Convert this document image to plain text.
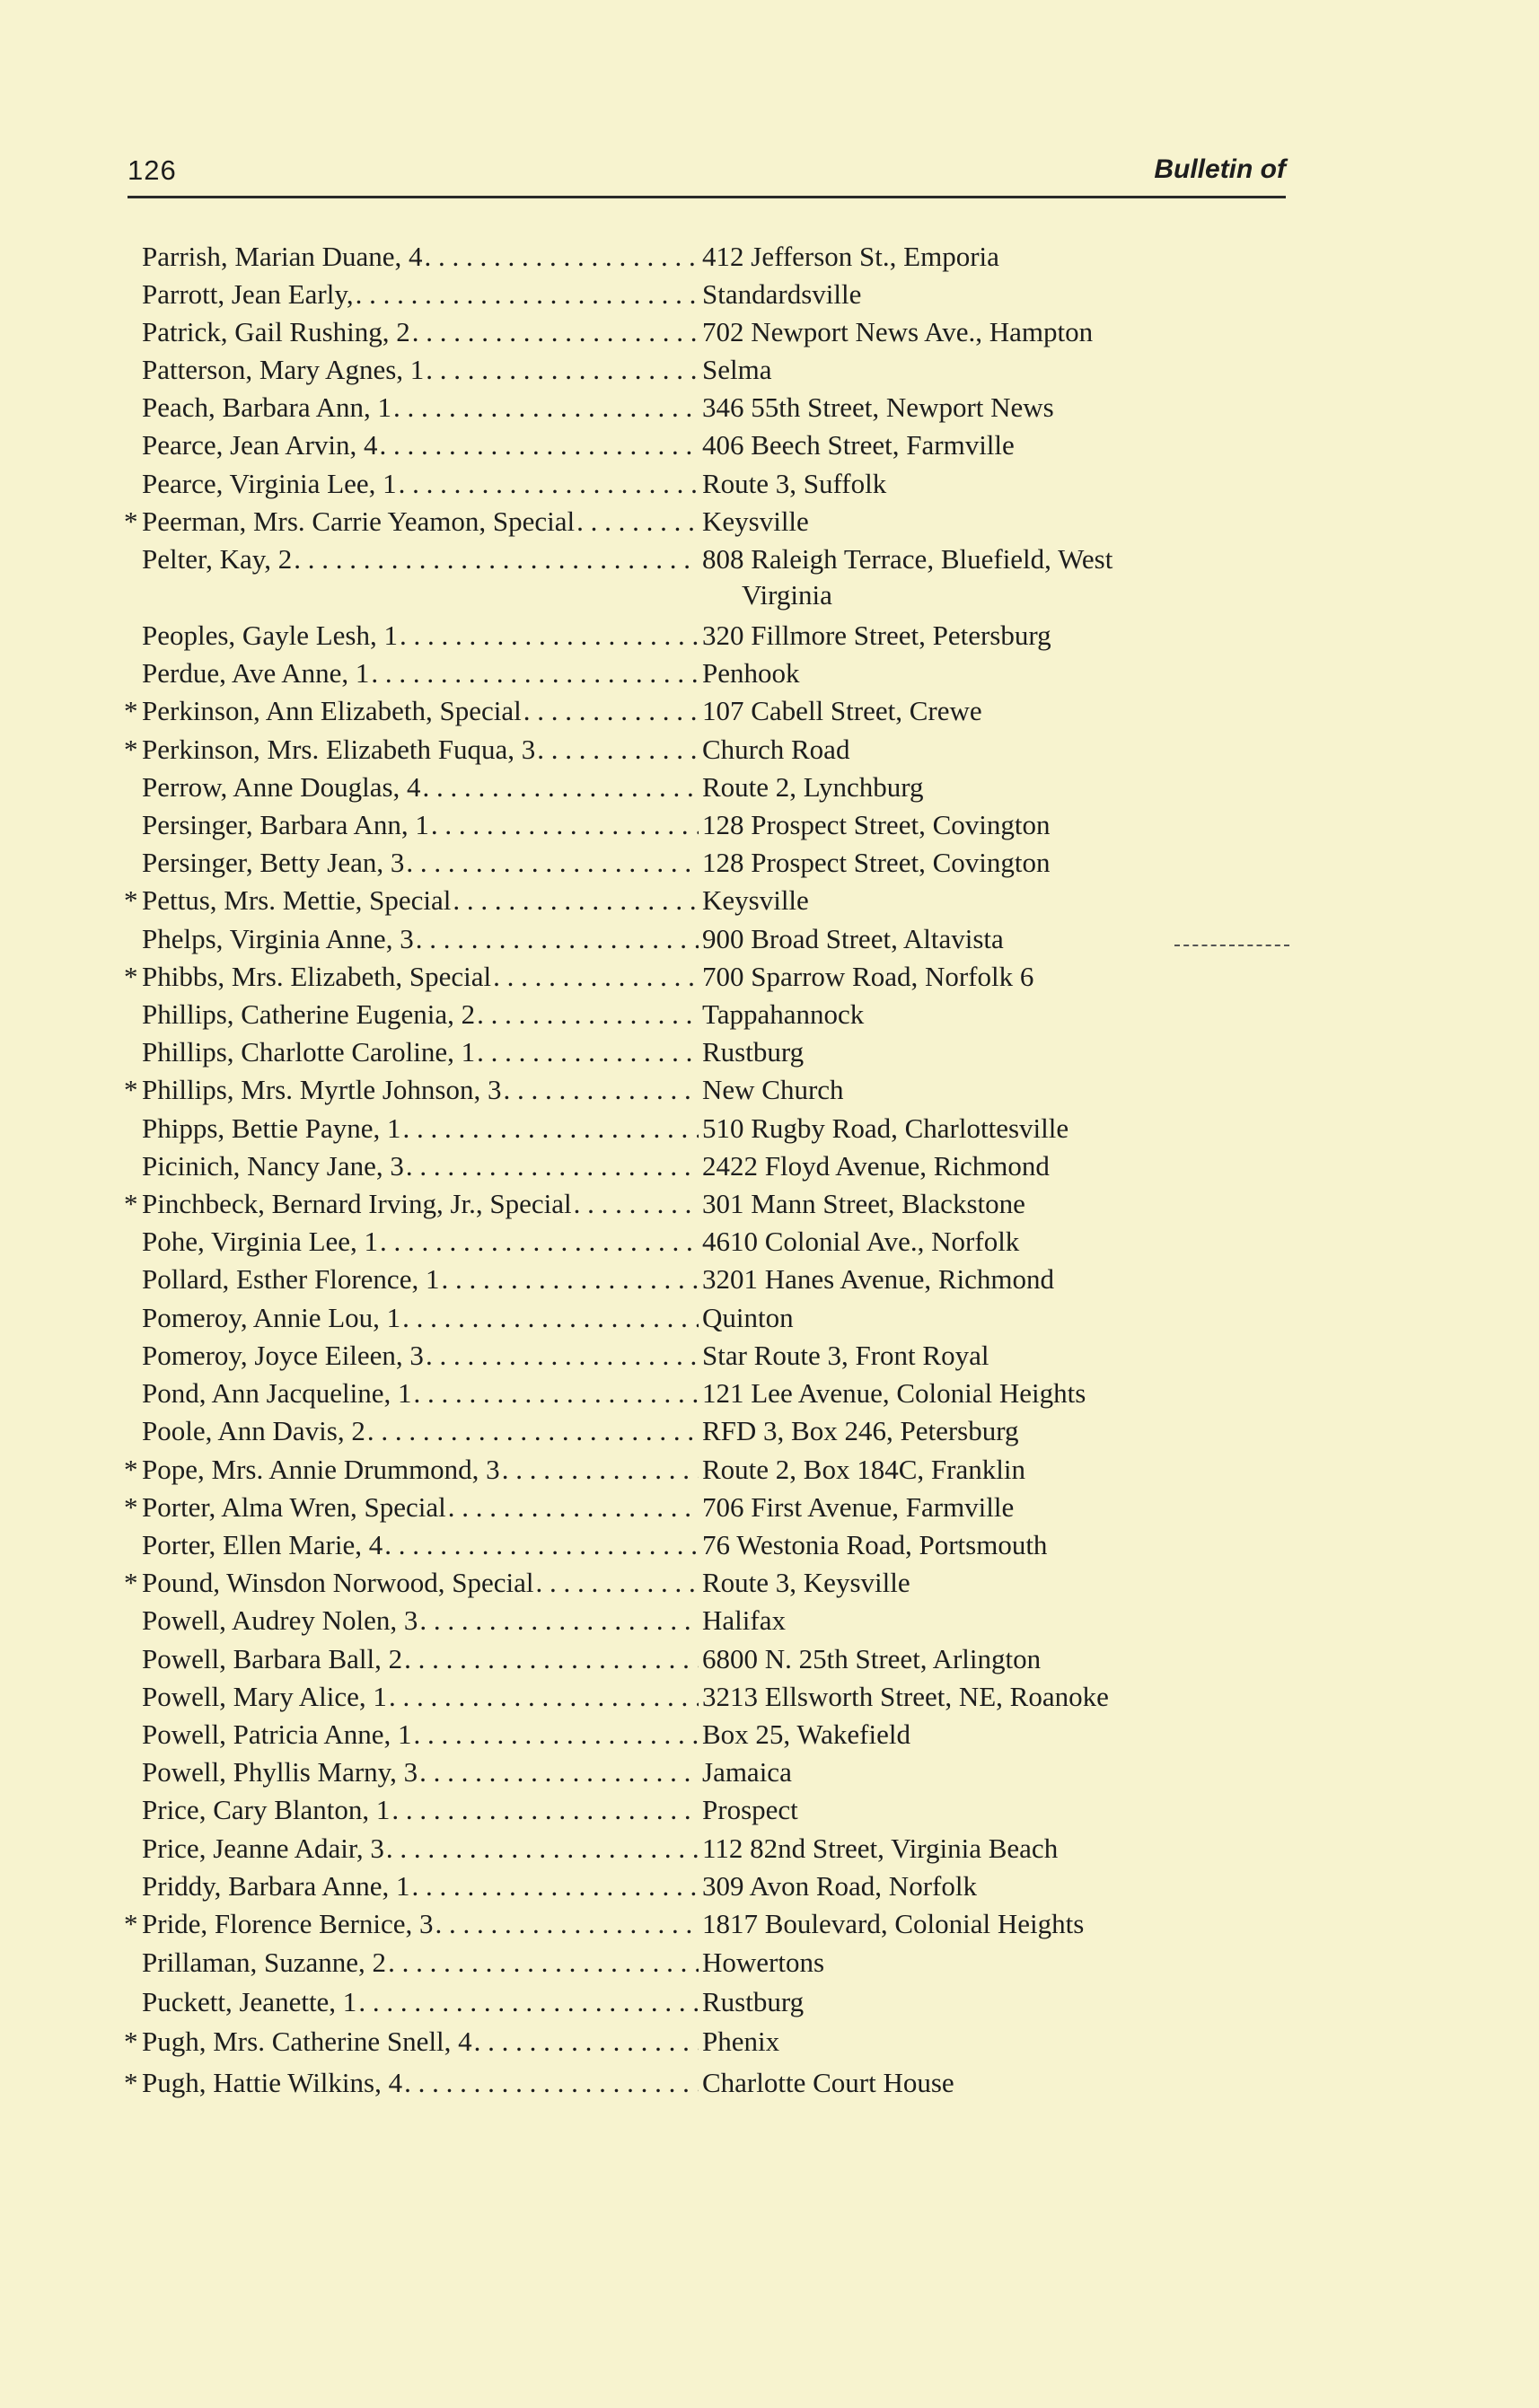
126	Bulletin of
Parrish, Marian Duane, 4 . . .	412 Jefferson St., Emporia
Parrott, Jean Early, . . .	Standardsville
Patrick, Gail Rushing, 2 . . .	702 Newport News Ave., Hampton
Patterson, Mary Agnes, 1 . . .	Selma
Peach, Barbara Ann, 1 . . .	346 55th Street, Newport News
Pearce, Jean Arvin, 4 . . .	406 Beech Street, Farmville
Pearce, Virginia Lee, 1 . . .	Route 3, Suffolk
* Peerman, Mrs. Carrie Yeamon, Special . . .	Keysville
Pelter, Kay, 2 . . .	808 Raleigh Terrace, Bluefield, West
Virginia
Peoples, Gayle Lesh, 1 . . .	320 Fillmore Street, Petersburg
Perdue, Ave Anne, 1 . . .	Penhook
* Perkinson, Ann Elizabeth, Special . . .	107 Cabell Street, Crewe
* Perkinson, Mrs. Elizabeth Fuqua, 3 . . .	Church Road
Perrow, Anne Douglas, 4 . . .	Route 2, Lynchburg
Persinger, Barbara Ann, 1 . . .	128 Prospect Street, Covington
Persinger, Betty Jean, 3 . . .	128 Prospect Street, Covington
* Pettus, Mrs. Mettie, Special . . .	Keysville
Phelps, Virginia Anne, 3 . . .	900 Broad Street, Altavista
* Phibbs, Mrs. Elizabeth, Special . . .	700 Sparrow Road, Norfolk 6
Phillips, Catherine Eugenia, 2 . . .	Tappahannock
Phillips, Charlotte Caroline, 1 . . .	Rustburg
* Phillips, Mrs. Myrtle Johnson, 3 . . .	New Church
Phipps, Bettie Payne, 1 . . .	510 Rugby Road, Charlottesville
Picinich, Nancy Jane, 3 . . .	2422 Floyd Avenue, Richmond
* Pinchbeck, Bernard Irving, Jr., Special . . .	301 Mann Street, Blackstone
Pohe, Virginia Lee, 1 . . .	4610 Colonial Ave., Norfolk
Pollard, Esther Florence, 1 . . .	3201 Hanes Avenue, Richmond
Pomeroy, Annie Lou, 1 . . .	Quinton
Pomeroy, Joyce Eileen, 3 . . .	Star Route 3, Front Royal
Pond, Ann Jacqueline, 1 . . .	121 Lee Avenue, Colonial Heights
Poole, Ann Davis, 2 . . .	RFD 3, Box 246, Petersburg
* Pope, Mrs. Annie Drummond, 3 . . .	Route 2, Box 184C, Franklin
* Porter, Alma Wren, Special . . .	706 First Avenue, Farmville
Porter, Ellen Marie, 4 . . .	76 Westonia Road, Portsmouth
* Pound, Winsdon Norwood, Special . . .	Route 3, Keysville
Powell, Audrey Nolen, 3 . . .	Halifax
Powell, Barbara Ball, 2 . . .	6800 N. 25th Street, Arlington
Powell, Mary Alice, 1 . . .	3213 Ellsworth Street, NE, Roanoke
Powell, Patricia Anne, 1 . . .	Box 25, Wakefield
Powell, Phyllis Marny, 3 . . .	Jamaica
Price, Cary Blanton, 1 . . .	Prospect
Price, Jeanne Adair, 3 . . .	112 82nd Street, Virginia Beach
Priddy, Barbara Anne, 1 . . .	309 Avon Road, Norfolk
* Pride, Florence Bernice, 3 . . .	1817 Boulevard, Colonial Heights
Prillaman, Suzanne, 2 . . .	Howertons
Puckett, Jeanette, 1 . . .	Rustburg
* Pugh, Mrs. Catherine Snell, 4 . . .	Phenix
* Pugh, Hattie Wilkins, 4 . . .	Charlotte Court House
